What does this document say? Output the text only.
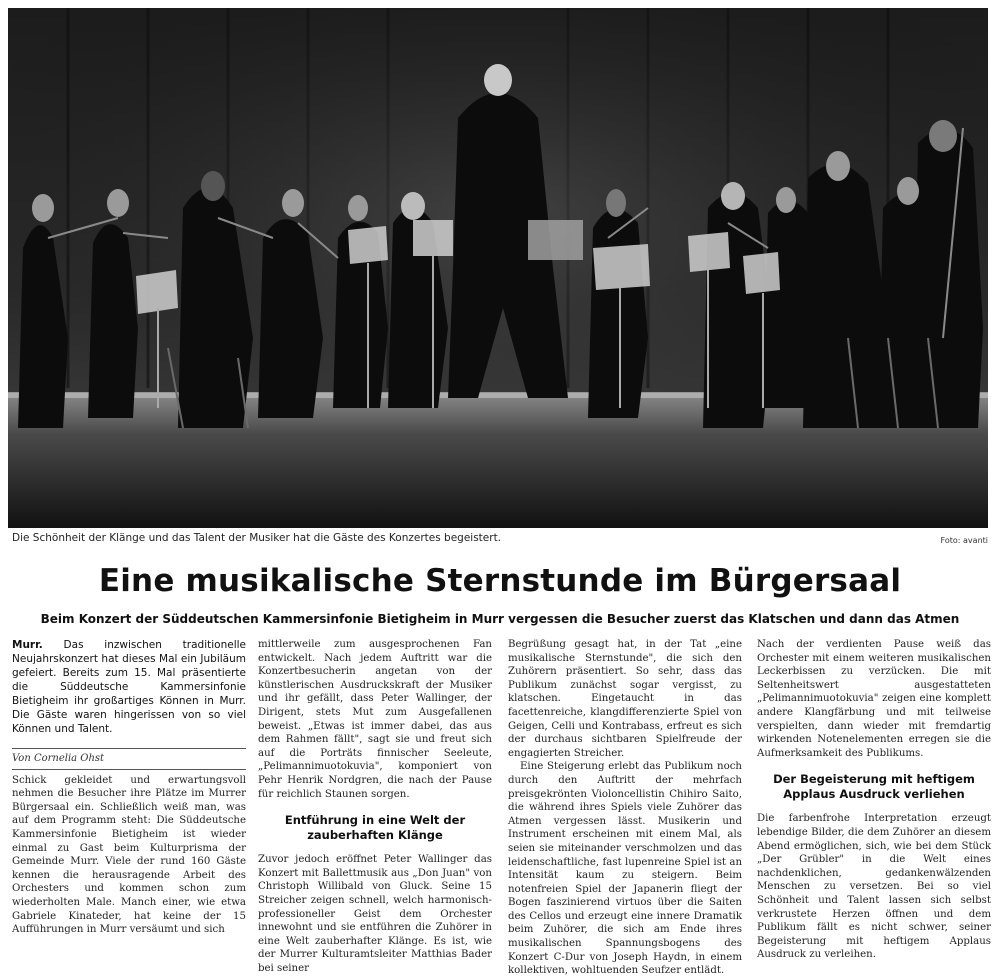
Die Schönheit der Klänge und das Talent der Musiker hat die Gäste des Konzertes begeistert.	Foto: avanti
Eine musikalische Sternstunde im Bürgersaal
Beim Konzert der Süddeutschen Kammersinfonie Bietigheim in Murr vergessen die Besucher zuerst das Klatschen und dann das Atmen

Murr. Das inzwischen traditionelle Neujahrskonzert hat dieses Mal ein Jubiläum gefeiert. Bereits zum 15. Mal präsentierte die Süddeutsche Kammersinfonie Bietigheim ihr großartiges Können in Murr. Die Gäste waren hingerissen von so viel Können und Talent.

Von Cornelia Ohst

Schick gekleidet und erwartungsvoll nehmen die Besucher ihre Plätze im Murrer Bürgersaal ein. Schließlich weiß man, was auf dem Programm steht: Die Süddeutsche Kammersinfonie Bietigheim ist wieder einmal zu Gast beim Kulturprisma der Gemeinde Murr. Viele der rund 160 Gäste kennen die herausragende Arbeit des Orchesters und kommen schon zum wiederholten Male. Manch einer, wie etwa Gabriele Kinateder, hat keine der 15 Aufführungen in Murr versäumt und sich

mittlerweile zum ausgesprochenen Fan entwickelt. Nach jedem Auftritt war die Konzertbesucherin angetan von der künstlerischen Ausdruckskraft der Musiker und ihr gefällt, dass Peter Wallinger, der Dirigent, stets Mut zum Ausgefallenen beweist. „Etwas ist immer dabei, das aus dem Rahmen fällt", sagt sie und freut sich auf die Porträts finnischer Seeleute, „Pelimannimuotokuvia", komponiert von Pehr Henrik Nordgren, die nach der Pause für reichlich Staunen sorgen.

Entführung in eine Welt der zauberhaften Klänge

Zuvor jedoch eröffnet Peter Wallinger das Konzert mit Ballettmusik aus „Don Juan" von Christoph Willibald von Gluck. Seine 15 Streicher zeigen schnell, welch harmonisch-professioneller Geist dem Orchester innewohnt und sie entführen die Zuhörer in eine Welt zauberhafter Klänge. Es ist, wie der Murrer Kulturamtsleiter Matthias Bader bei seiner

Begrüßung gesagt hat, in der Tat „eine musikalische Sternstunde", die sich den Zuhörern präsentiert. So sehr, dass das Publikum zunächst sogar vergisst, zu klatschen. Eingetaucht in das facettenreiche, klangdifferenzierte Spiel von Geigen, Celli und Kontrabass, erfreut es sich der durchaus sichtbaren Spielfreude der engagierten Streicher.

Eine Steigerung erlebt das Publikum noch durch den Auftritt der mehrfach preisgekrönten Violoncellistin Chihiro Saito, die während ihres Spiels viele Zuhörer das Atmen vergessen lässt. Musikerin und Instrument erscheinen mit einem Mal, als seien sie miteinander verschmolzen und das leidenschaftliche, fast lupenreine Spiel ist an Intensität kaum zu steigern. Beim notenfreien Spiel der Japanerin fliegt der Bogen faszinierend virtuos über die Saiten des Cellos und erzeugt eine innere Dramatik beim Zuhörer, die sich am Ende ihres musikalischen Spannungsbogens des Konzert C-Dur von Joseph Haydn, in einem kollektiven, wohltuenden Seufzer entlädt.

Nach der verdienten Pause weiß das Orchester mit einem weiteren musikalischen Leckerbissen zu verzücken. Die mit Seltenheitswert ausgestatteten „Pelimannimuotokuvia" zeigen eine komplett andere Klangfärbung und mit teilweise verspielten, dann wieder mit fremdartig wirkenden Notenelementen erregen sie die Aufmerksamkeit des Publikums.

Der Begeisterung mit heftigem Applaus Ausdruck verliehen

Die farbenfrohe Interpretation erzeugt lebendige Bilder, die dem Zuhörer an diesem Abend ermöglichen, sich, wie bei dem Stück „Der Grübler" in die Welt eines nachdenklichen, gedankenwälzenden Menschen zu versetzen. Bei so viel Schönheit und Talent lassen sich selbst verkrustete Herzen öffnen und dem Publikum fällt es nicht schwer, seiner Begeisterung mit heftigem Applaus Ausdruck zu verleihen.
